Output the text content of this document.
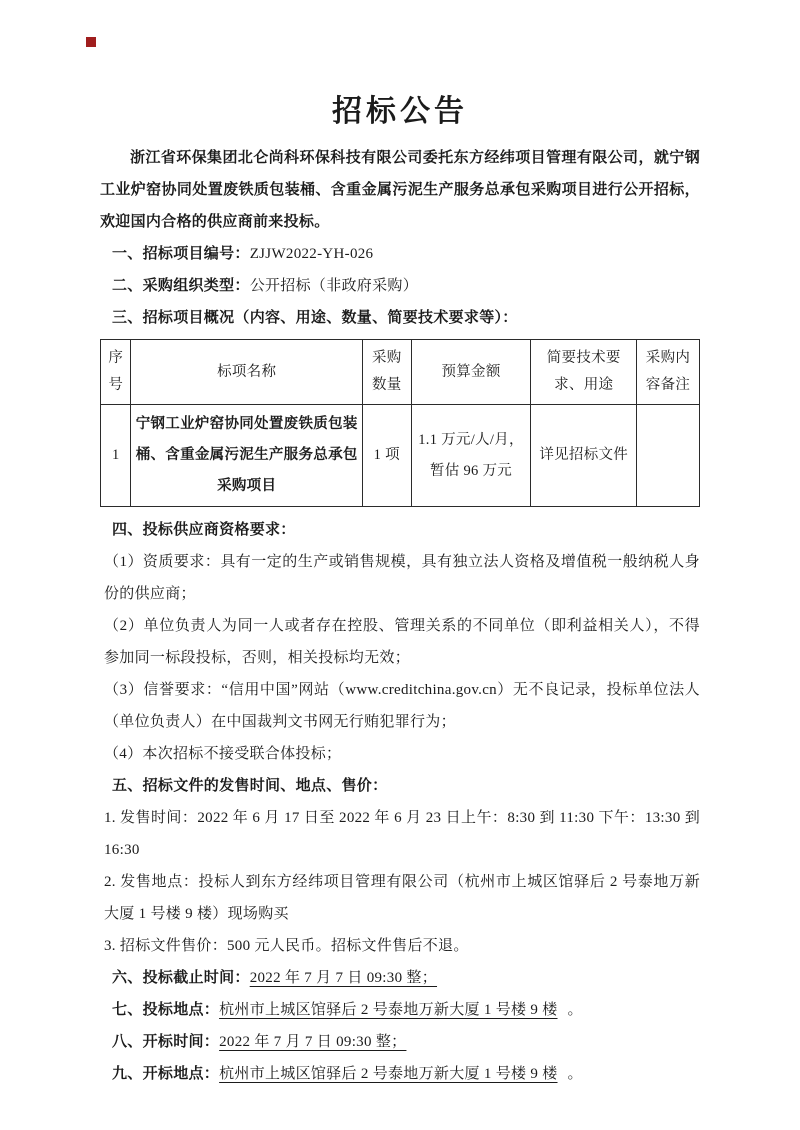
招标公告

浙江省环保集团北仑尚科环保科技有限公司委托东方经纬项目管理有限公司，就宁钢工业炉窑协同处置废铁质包装桶、含重金属污泥生产服务总承包采购项目进行公开招标，欢迎国内合格的供应商前来投标。

一、招标项目编号：ZJJW2022-YH-026

二、采购组织类型：公开招标（非政府采购）

三、招标项目概况（内容、用途、数量、简要技术要求等）：

序号	标项名称	采购数量	预算金额	简要技术要求、用途	采购内容备注
1	宁钢工业炉窑协同处置废铁质包装桶、含重金属污泥生产服务总承包采购项目	1 项	1.1 万元/人/月，暂估 96 万元	详见招标文件	

四、投标供应商资格要求：

（1）资质要求：具有一定的生产或销售规模，具有独立法人资格及增值税一般纳税人身份的供应商；

（2）单位负责人为同一人或者存在控股、管理关系的不同单位（即利益相关人），不得参加同一标段投标，否则，相关投标均无效；

（3）信誉要求：“信用中国”网站（www.creditchina.gov.cn）无不良记录，投标单位法人（单位负责人）在中国裁判文书网无行贿犯罪行为；

（4）本次招标不接受联合体投标；

五、招标文件的发售时间、地点、售价：

1. 发售时间：2022 年 6 月 17 日至 2022 年 6 月 23 日上午：8:30 到 11:30 下午：13:30 到 16:30

2. 发售地点：投标人到东方经纬项目管理有限公司（杭州市上城区馆驿后 2 号泰地万新大厦 1 号楼 9 楼）现场购买

3. 招标文件售价：500 元人民币。招标文件售后不退。

六、投标截止时间：2022 年 7 月 7 日 09:30 整；

七、投标地点：杭州市上城区馆驿后 2 号泰地万新大厦 1 号楼 9 楼 。

八、开标时间：2022 年 7 月 7 日 09:30 整；

九、开标地点：杭州市上城区馆驿后 2 号泰地万新大厦 1 号楼 9 楼 。
